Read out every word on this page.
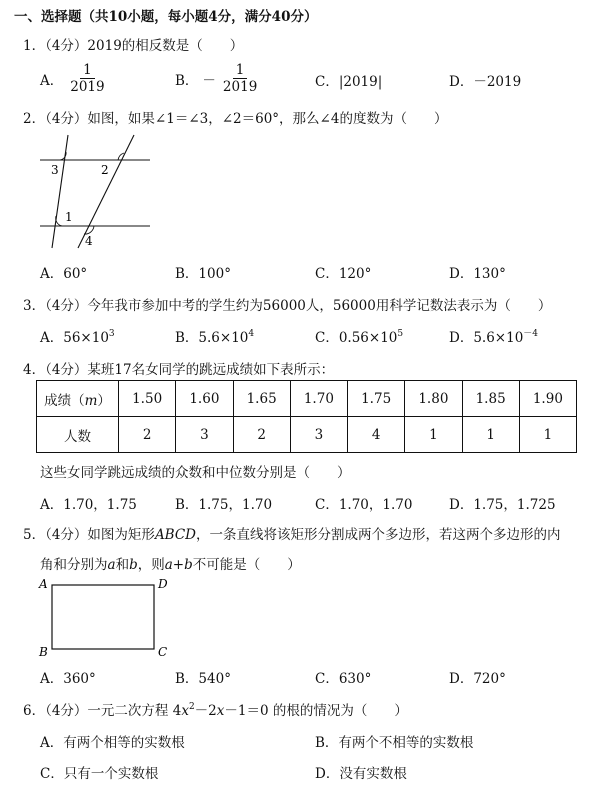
一、选择题（共10小题，每小题4分，满分40分）
1．（4分）2019的相反数是（　　）
A． $\frac{1}{2019}$	B． － $\frac{1}{2019}$	C．|2019|	D．－2019
2．（4分）如图，如果∠1＝∠3，∠2＝60°，那么∠4的度数为（　　）
3	2
1
4
A．60°	B．100°	C．120°	D．130°
3．（4分）今年我市参加中考的学生约为56000人，56000用科学记数法表示为（　　）
A．$56\times 10^3$	B．$5.6\times 10^4$	C．$0.56\times 10^5$	D．$5.6\times 10^{-4}$
4．（4分）某班17名女同学的跳远成绩如下表所示：
成绩（m）	1.50	1.60	1.65	1.70	1.75	1.80	1.85	1.90
人数	2	3	2	3	4	1	1	1
这些女同学跳远成绩的众数和中位数分别是（　　）
A．1.70，1.75	B．1.75，1.70	C．1.70，1.70	D．1.75，1.725
5．（4分）如图为矩形ABCD，一条直线将该矩形分割成两个多边形，若这两个多边形的内
角和分别为a和b，则a+b不可能是（　　）
A	D
B	C
A．360°	B．540°	C．630°	D．720°
6．（4分）一元二次方程 $4x^2-2x-1=0$ 的根的情况为（　　）
A．有两个相等的实数根	B．有两个不相等的实数根
C．只有一个实数根	D．没有实数根
